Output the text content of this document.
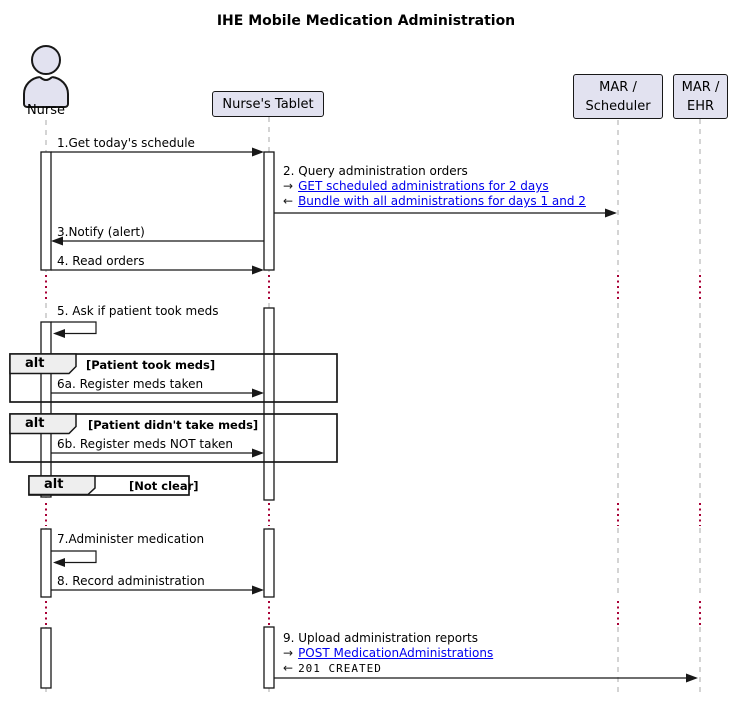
IHE Mobile Medication Administration
Nurse	Nurse's Tablet
MAR /
Scheduler
MAR /
EHR
1.Get today's schedule
2. Query administration orders
→ GET scheduled administrations for 2 days
← Bundle with all administrations for days 1 and 2
3.Notify (alert)
4. Read orders
5. Ask if patient took meds
6a. Register meds taken
6b. Register meds NOT taken
7.Administer medication
8. Record administration
9. Upload administration reports
→ POST MedicationAdministrations
← 201 CREATED
alt	[Patient took meds]
alt	[Patient didn't take meds]
alt	[Not clear]
